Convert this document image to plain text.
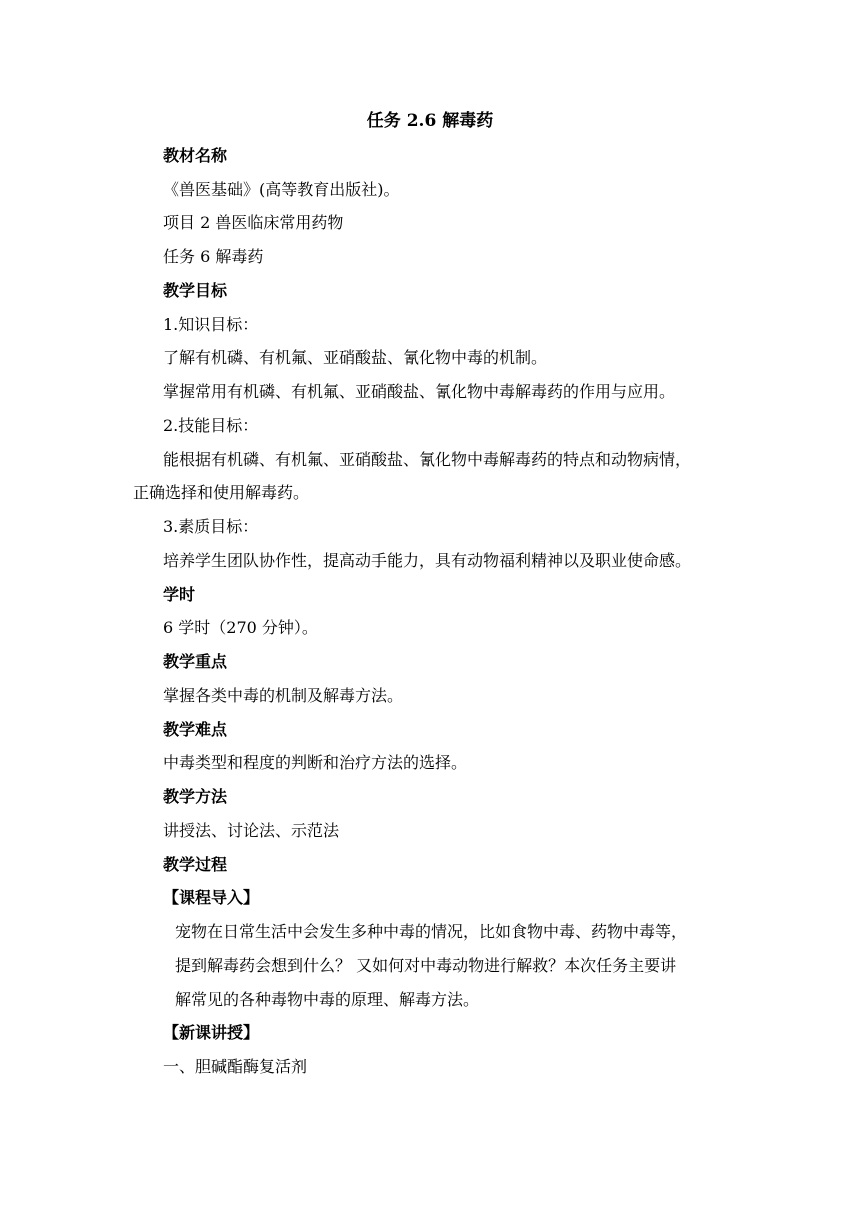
任务 2.6 解毒药
教材名称
《兽医基础》(高等教育出版社)。
项目 2 兽医临床常用药物
任务 6 解毒药
教学目标
1.知识目标：
了解有机磷、有机氟、亚硝酸盐、氰化物中毒的机制。
掌握常用有机磷、有机氟、亚硝酸盐、氰化物中毒解毒药的作用与应用。
2.技能目标：
能根据有机磷、有机氟、亚硝酸盐、氰化物中毒解毒药的特点和动物病情，
正确选择和使用解毒药。
3.素质目标：
培养学生团队协作性，提高动手能力，具有动物福利精神以及职业使命感。
学时
6 学时（270 分钟）。
教学重点
掌握各类中毒的机制及解毒方法。
教学难点
中毒类型和程度的判断和治疗方法的选择。
教学方法
讲授法、讨论法、示范法
教学过程
【课程导入】
宠物在日常生活中会发生多种中毒的情况，比如食物中毒、药物中毒等，
提到解毒药会想到什么？ 又如何对中毒动物进行解救？本次任务主要讲
解常见的各种毒物中毒的原理、解毒方法。
【新课讲授】
一、胆碱酯酶复活剂
